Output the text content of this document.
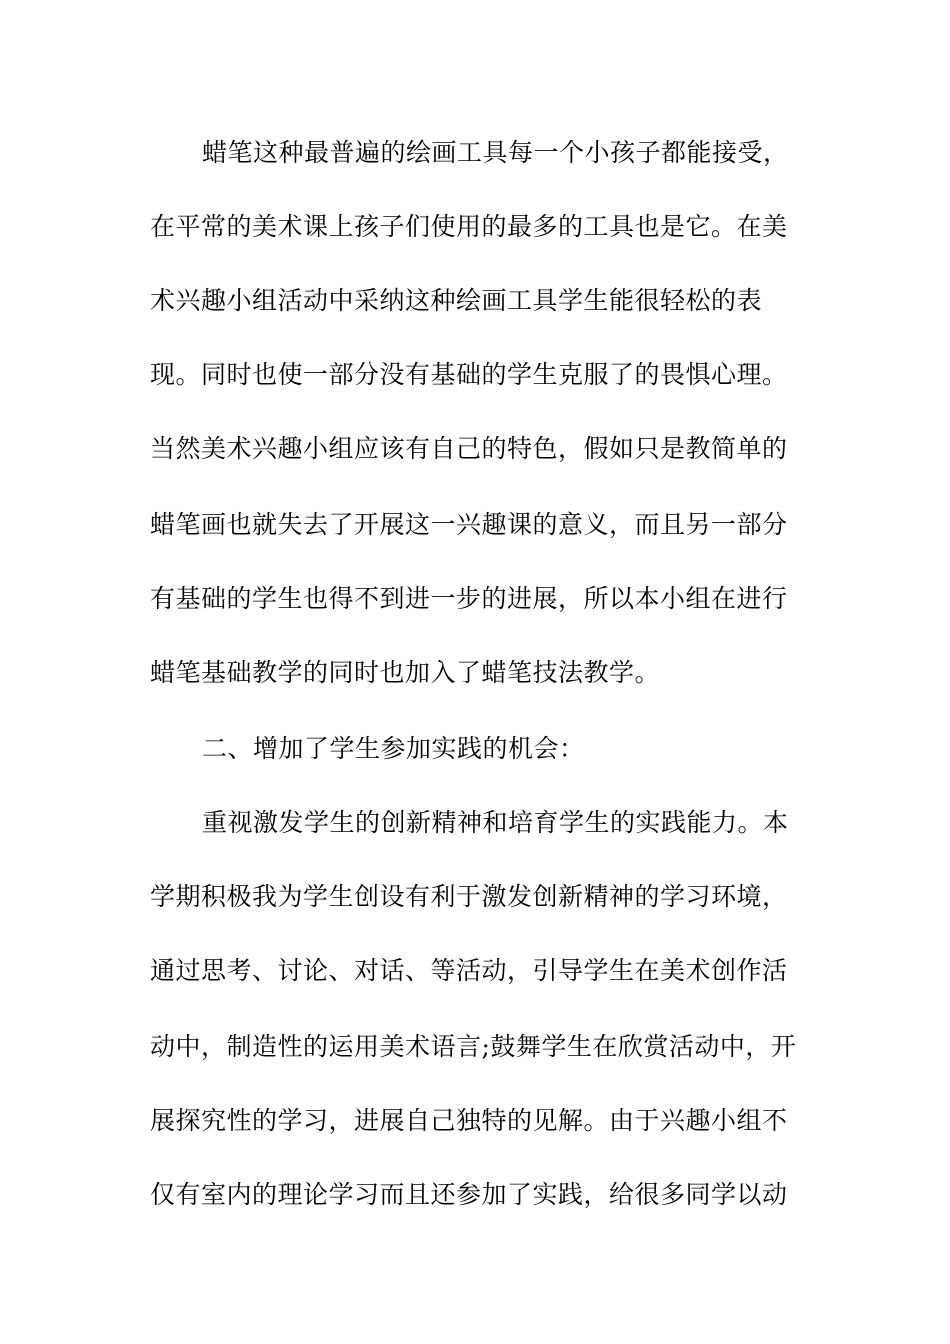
蜡笔这种最普遍的绘画工具每一个小孩子都能接受，
在平常的美术课上孩子们使用的最多的工具也是它。在美
术兴趣小组活动中采纳这种绘画工具学生能很轻松的表
现。同时也使一部分没有基础的学生克服了的畏惧心理。
当然美术兴趣小组应该有自己的特色，假如只是教简单的
蜡笔画也就失去了开展这一兴趣课的意义，而且另一部分
有基础的学生也得不到进一步的进展，所以本小组在进行
蜡笔基础教学的同时也加入了蜡笔技法教学。
二、增加了学生参加实践的机会：
重视激发学生的创新精神和培育学生的实践能力。本
学期积极我为学生创设有利于激发创新精神的学习环境，
通过思考、讨论、对话、等活动，引导学生在美术创作活
动中，制造性的运用美术语言;鼓舞学生在欣赏活动中，开
展探究性的学习，进展自己独特的见解。由于兴趣小组不
仅有室内的理论学习而且还参加了实践，给很多同学以动
